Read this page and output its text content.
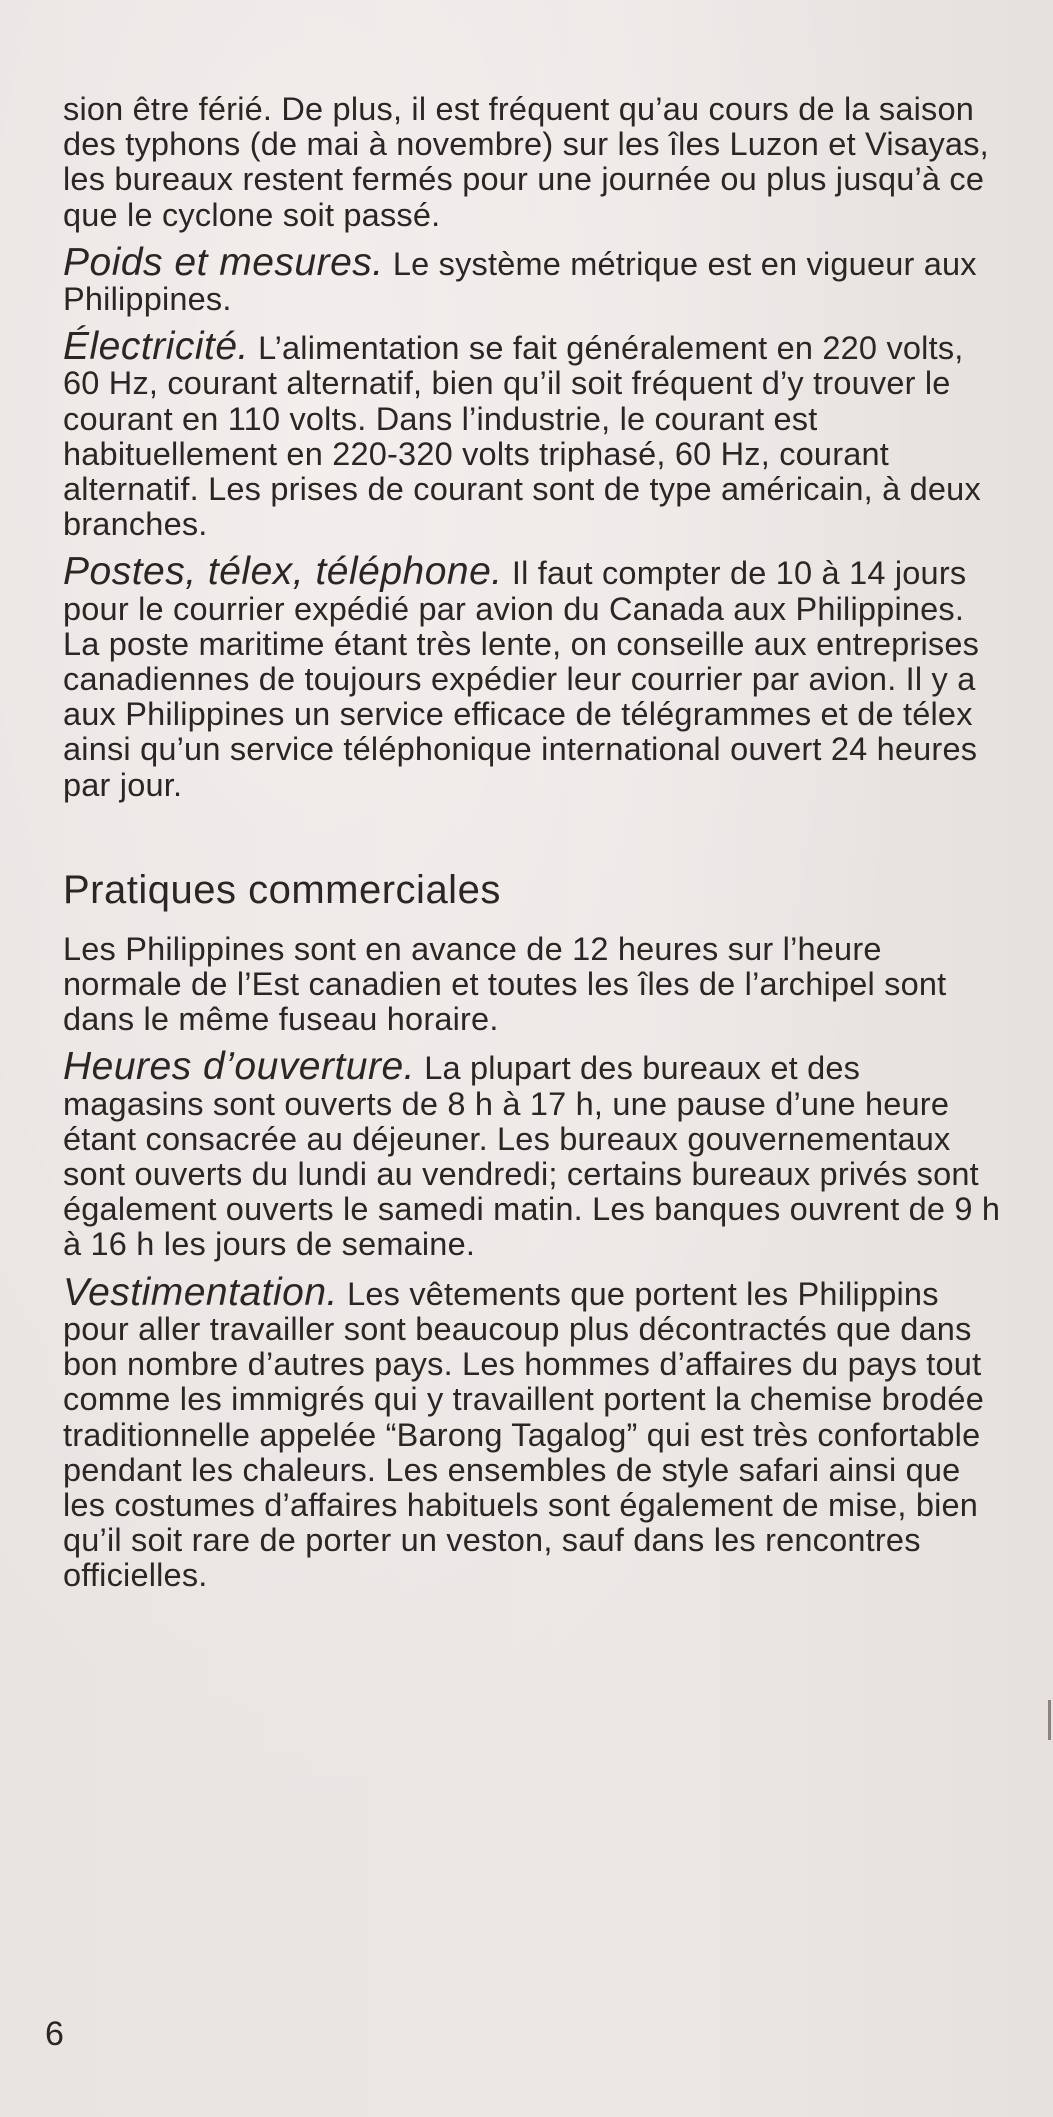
sion être férié. De plus, il est fréquent qu’au cours de la saison des typhons (de mai à novembre) sur les îles Luzon et Visayas, les bureaux restent fermés pour une journée ou plus jusqu’à ce que le cyclone soit passé.

Poids et mesures. Le système métrique est en vigueur aux Philippines.

Électricité. L’alimentation se fait généralement en 220 volts, 60 Hz, courant alternatif, bien qu’il soit fréquent d’y trouver le courant en 110 volts. Dans l’industrie, le courant est habituellement en 220-320 volts triphasé, 60 Hz, courant alternatif. Les prises de courant sont de type américain, à deux branches.

Postes, télex, téléphone. Il faut compter de 10 à 14 jours pour le courrier expédié par avion du Canada aux Philippines. La poste maritime étant très lente, on conseille aux entreprises canadiennes de toujours expédier leur courrier par avion. Il y a aux Philippines un service efficace de télégrammes et de télex ainsi qu’un service téléphonique international ouvert 24 heures par jour.

Pratiques commerciales

Les Philippines sont en avance de 12 heures sur l’heure normale de l’Est canadien et toutes les îles de l’archipel sont dans le même fuseau horaire.

Heures d’ouverture. La plupart des bureaux et des magasins sont ouverts de 8 h à 17 h, une pause d’une heure étant consacrée au déjeuner. Les bureaux gouvernementaux sont ouverts du lundi au vendredi; certains bureaux privés sont également ouverts le samedi matin. Les banques ouvrent de 9 h à 16 h les jours de semaine.

Vestimentation. Les vêtements que portent les Philippins pour aller travailler sont beaucoup plus décontractés que dans bon nombre d’autres pays. Les hommes d’affaires du pays tout comme les immigrés qui y travaillent portent la chemise brodée traditionnelle appelée “Barong Tagalog” qui est très confortable pendant les chaleurs. Les ensembles de style safari ainsi que les costumes d’affaires habituels sont également de mise, bien qu’il soit rare de porter un veston, sauf dans les rencontres officielles.

6
